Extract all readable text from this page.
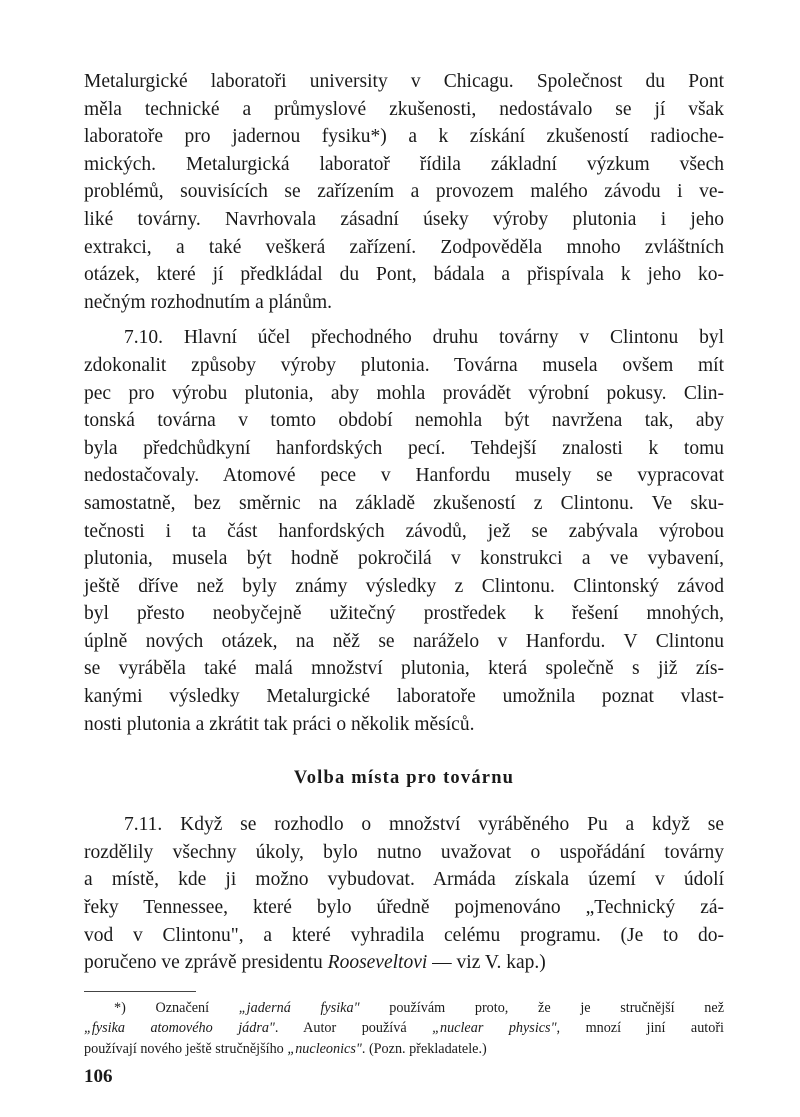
Metalurgické laboratoři university v Chicagu. Společnost du Pont
měla technické a průmyslové zkušenosti, nedostávalo se jí však
laboratoře pro jadernou fysiku*) a k získání zkušeností radioche-
mických. Metalurgická laboratoř řídila základní výzkum všech
problémů, souvisících se zařízením a provozem malého závodu i ve-
liké továrny. Navrhovala zásadní úseky výroby plutonia i jeho
extrakci, a také veškerá zařízení. Zodpověděla mnoho zvláštních
otázek, které jí předkládal du Pont, bádala a přispívala k jeho ko-
nečným rozhodnutím a plánům.

7.10. Hlavní účel přechodného druhu továrny v Clintonu byl
zdokonalit způsoby výroby plutonia. Továrna musela ovšem mít
pec pro výrobu plutonia, aby mohla provádět výrobní pokusy. Clin-
tonská továrna v tomto období nemohla být navržena tak, aby
byla předchůdkyní hanfordských pecí. Tehdejší znalosti k tomu
nedostačovaly. Atomové pece v Hanfordu musely se vypracovat
samostatně, bez směrnic na základě zkušeností z Clintonu. Ve sku-
tečnosti i ta část hanfordských závodů, jež se zabývala výrobou
plutonia, musela být hodně pokročilá v konstrukci a ve vybavení,
ještě dříve než byly známy výsledky z Clintonu. Clintonský závod
byl přesto neobyčejně užitečný prostředek k řešení mnohých,
úplně nových otázek, na něž se naráželo v Hanfordu. V Clintonu
se vyráběla také malá množství plutonia, která společně s již zís-
kanými výsledky Metalurgické laboratoře umožnila poznat vlast-
nosti plutonia a zkrátit tak práci o několik měsíců.

Volba místa pro továrnu

7.11. Když se rozhodlo o množství vyráběného Pu a když se
rozdělily všechny úkoly, bylo nutno uvažovat o uspořádání továrny
a místě, kde ji možno vybudovat. Armáda získala území v údolí
řeky Tennessee, které bylo úředně pojmenováno „Technický zá-
vod v Clintonu", a které vyhradila celému programu. (Je to do-
poručeno ve zprávě presidentu Rooseveltovi — viz V. kap.)

*) Označení „jaderná fysika" používám proto, že je stručnější než
„fysika atomového jádra". Autor používá „nuclear physics", mnozí jiní autoři
používají nového ještě stručnějšího „nucleonics". (Pozn. překladatele.)
106
